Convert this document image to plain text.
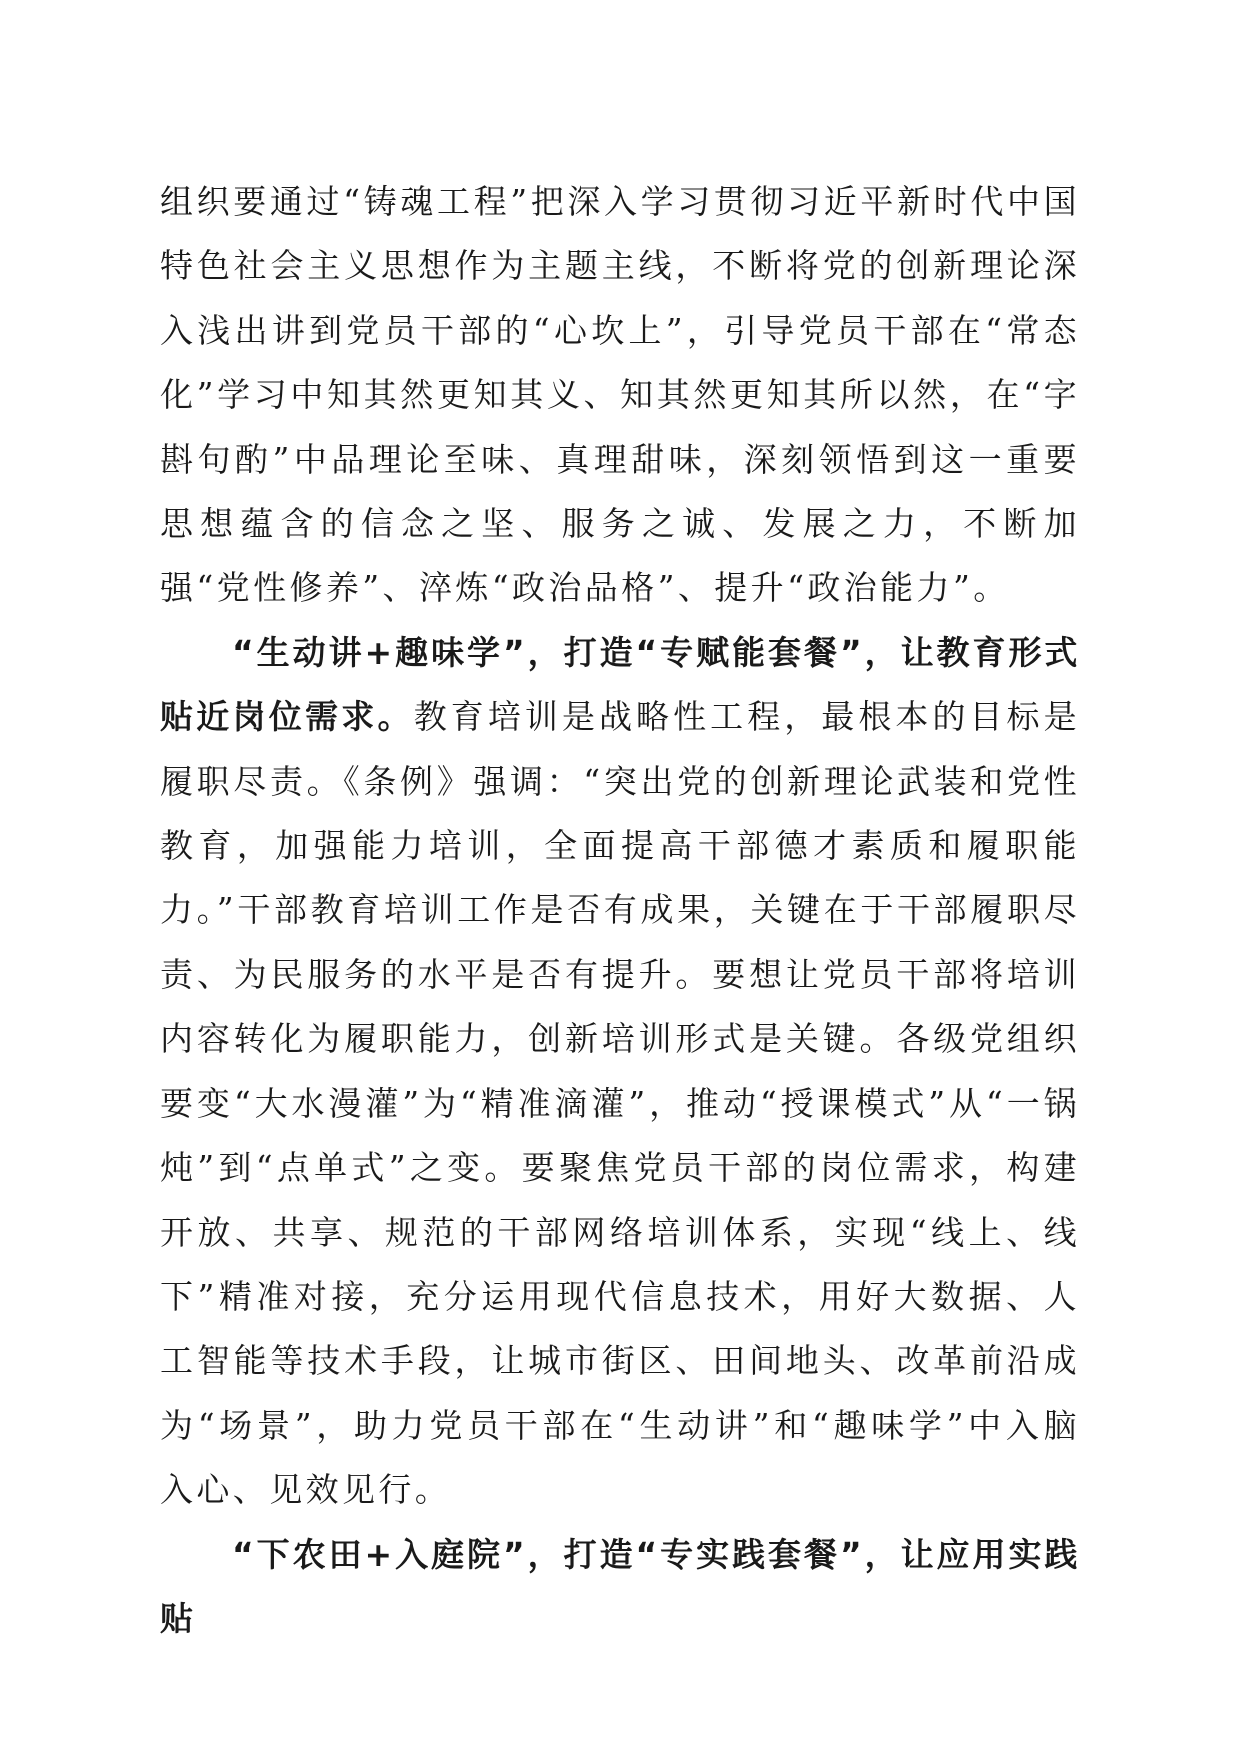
组织要通过“铸魂工程”把深入学习贯彻习近平新时代中国特色社会主义思想作为主题主线，不断将党的创新理论深入浅出讲到党员干部的“心坎上”，引导党员干部在“常态化”学习中知其然更知其义、知其然更知其所以然，在“字斟句酌”中品理论至味、真理甜味，深刻领悟到这一重要思想蕴含的信念之坚、服务之诚、发展之力，不断加强“党性修养”、淬炼“政治品格”、提升“政治能力”。

“生动讲+趣味学”，打造“专赋能套餐”，让教育形式贴近岗位需求。教育培训是战略性工程，最根本的目标是履职尽责。《条例》强调：“突出党的创新理论武装和党性教育，加强能力培训，全面提高干部德才素质和履职能力。”干部教育培训工作是否有成果，关键在于干部履职尽责、为民服务的水平是否有提升。要想让党员干部将培训内容转化为履职能力，创新培训形式是关键。各级党组织要变“大水漫灌”为“精准滴灌”，推动“授课模式”从“一锅炖”到“点单式”之变。要聚焦党员干部的岗位需求，构建开放、共享、规范的干部网络培训体系，实现“线上、线下”精准对接，充分运用现代信息技术，用好大数据、人工智能等技术手段，让城市街区、田间地头、改革前沿成为“场景”，助力党员干部在“生动讲”和“趣味学”中入脑入心、见效见行。

“下农田+入庭院”，打造“专实践套餐”，让应用实践贴
